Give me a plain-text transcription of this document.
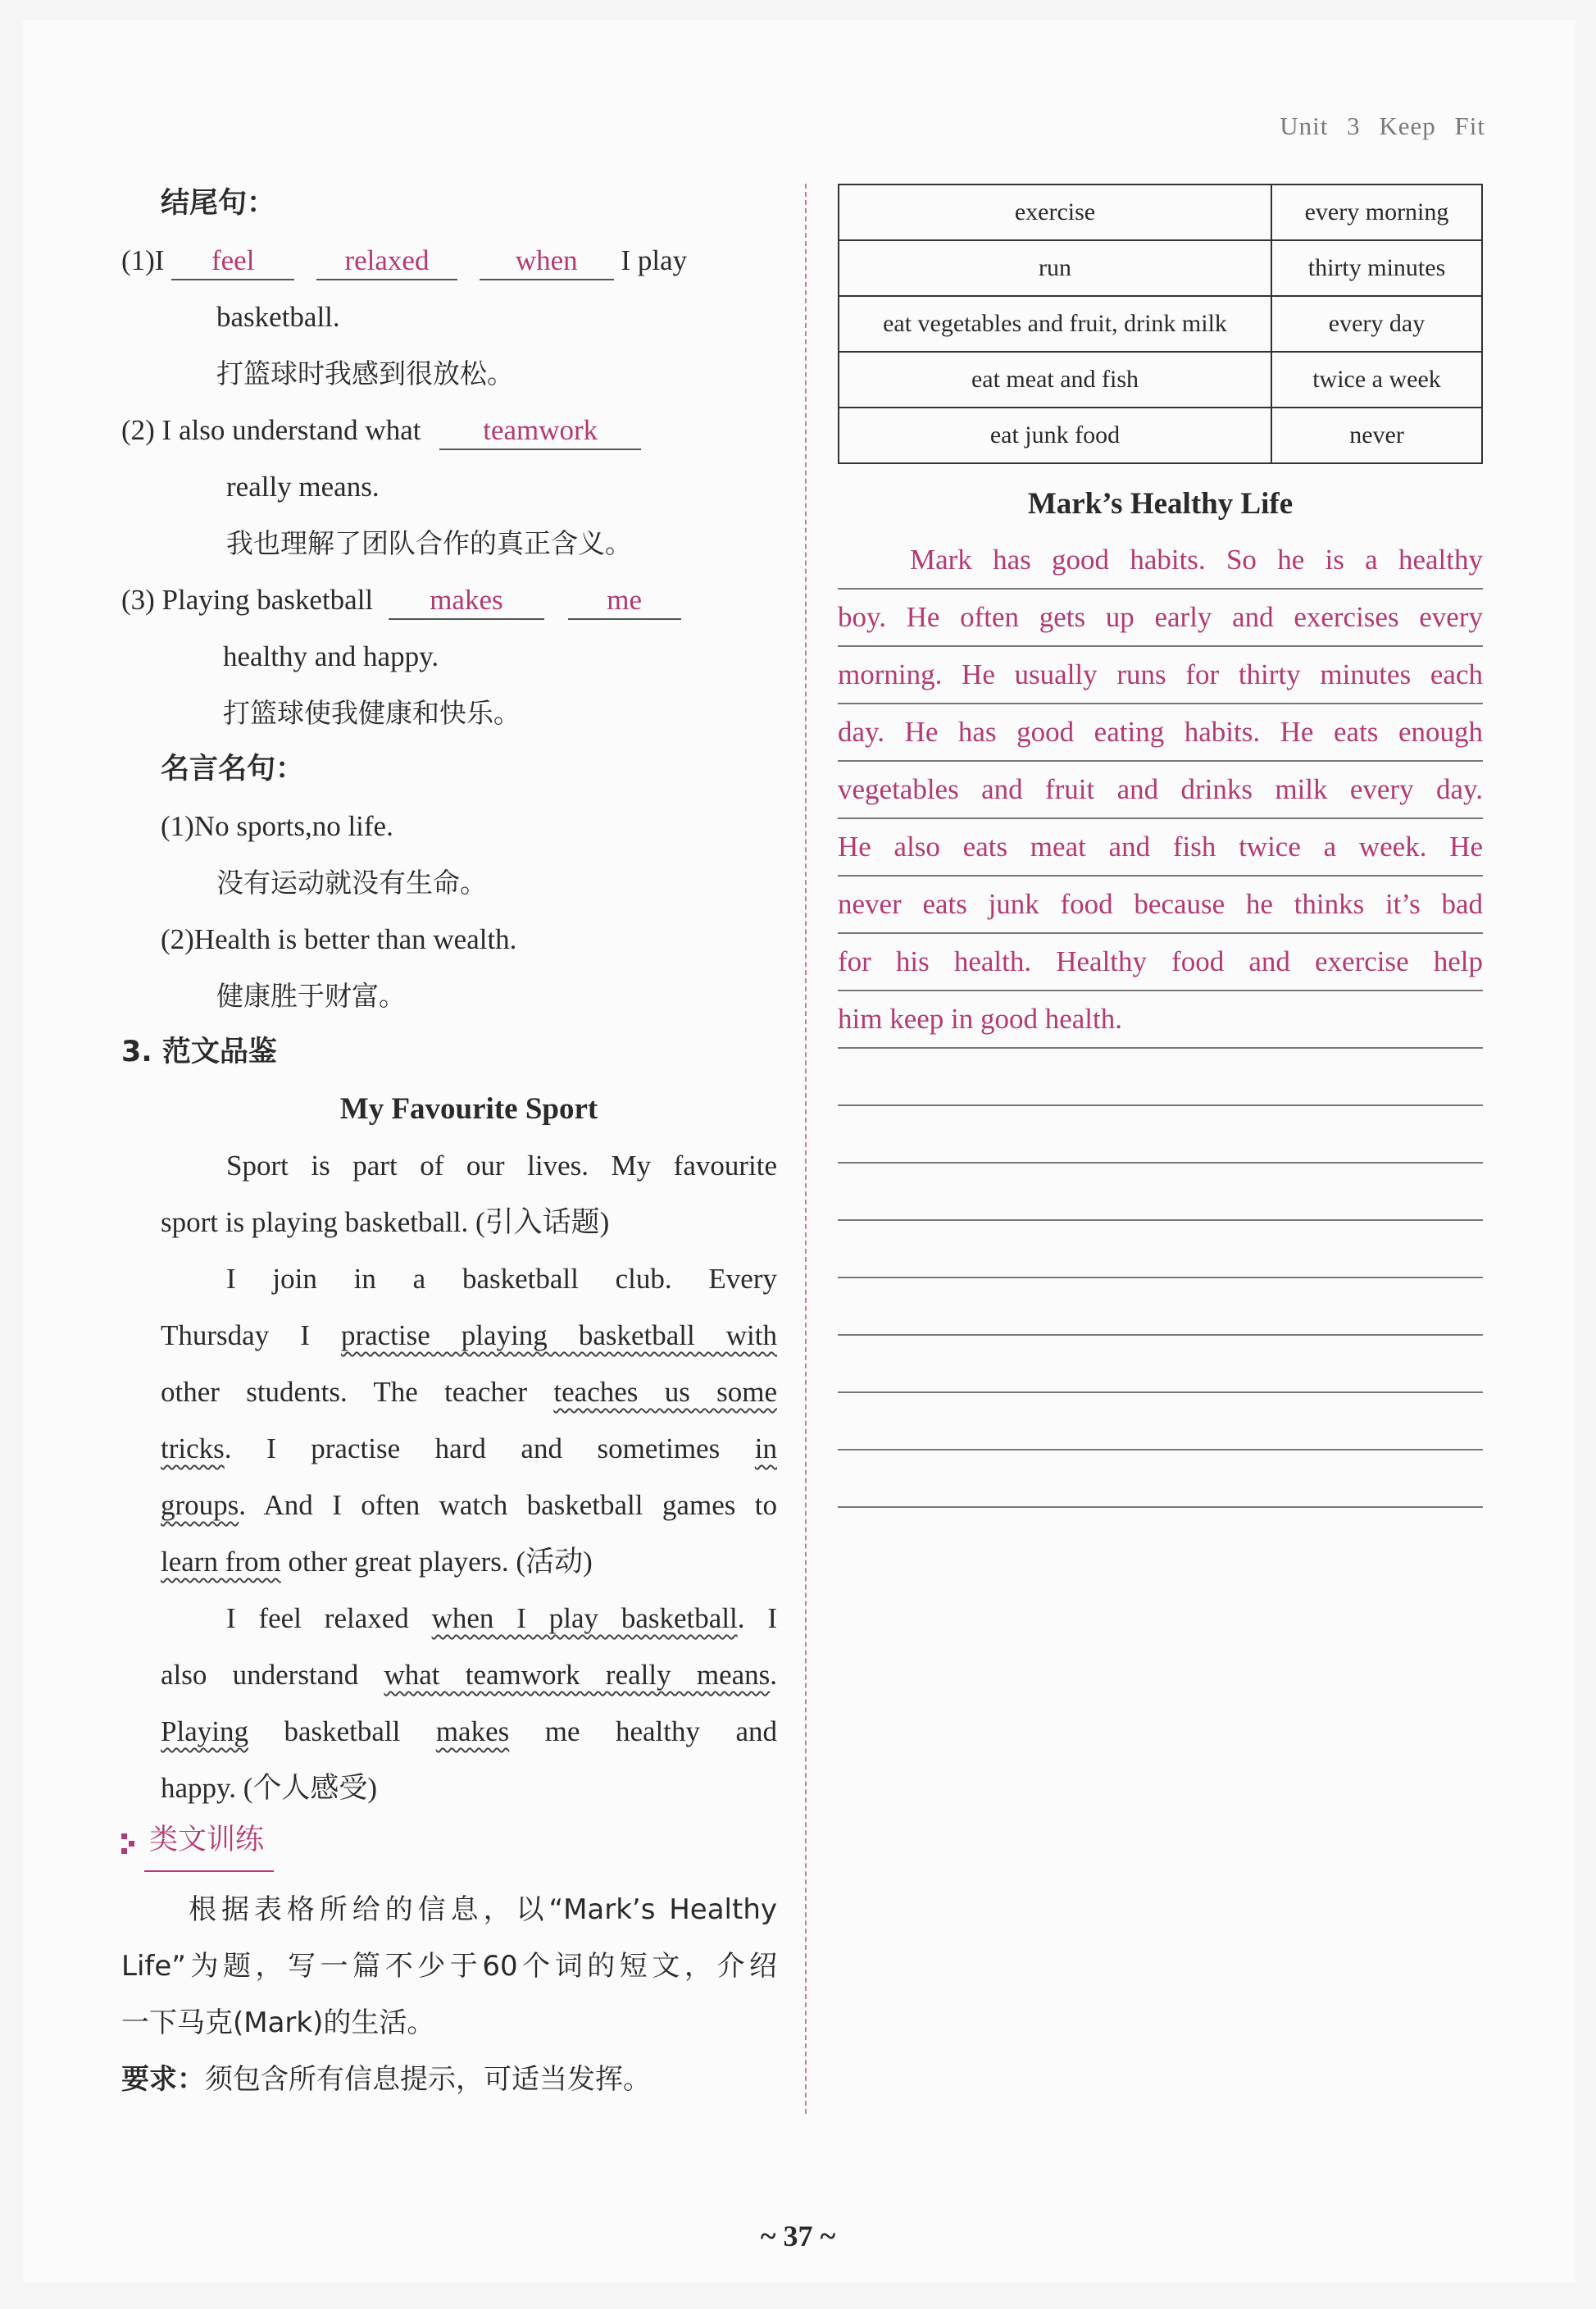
Unit 3 Keep Fit
结尾句：
(1)I feel	relaxed	when I play
basketball.
打篮球时我感到很放松。
(2) I also understand what teamwork
really means.
我也理解了团队合作的真正含义。
(3) Playing basketball makes	me
healthy and happy.
打篮球使我健康和快乐。
名言名句：
(1)No sports,no life.
没有运动就没有生命。
(2)Health is better than wealth.
健康胜于财富。
3. 范文品鉴
My Favourite Sport
Sport is part of our lives. My favourite
sport is playing basketball. (引入话题)
I join in a basketball club. Every
Thursday I practise playing basketball with
other students. The teacher teaches us some
tricks. I practise hard and sometimes in
groups. And I often watch basketball games to
learn from other great players. (活动)
I feel relaxed when I play basketball. I
also understand what teamwork really means.
Playing basketball makes me healthy and
happy. (个人感受)
类文训练
根据表格所给的信息，以“Mark’s Healthy
Life”为题，写一篇不少于60个词的短文，介绍
一下马克(Mark)的生活。
要求：须包含所有信息提示，可适当发挥。
exercise	every morning
run	thirty minutes
eat vegetables and fruit, drink milk	every day
eat meat and fish	twice a week
eat junk food	never
Mark’s Healthy Life
Mark has good habits. So he is a healthy
boy. He often gets up early and exercises every
morning. He usually runs for thirty minutes each
day. He has good eating habits. He eats enough
vegetables and fruit and drinks milk every day.
He also eats meat and fish twice a week. He
never eats junk food because he thinks it’s bad
for his health. Healthy food and exercise help
him keep in good health.
~ 37 ~
